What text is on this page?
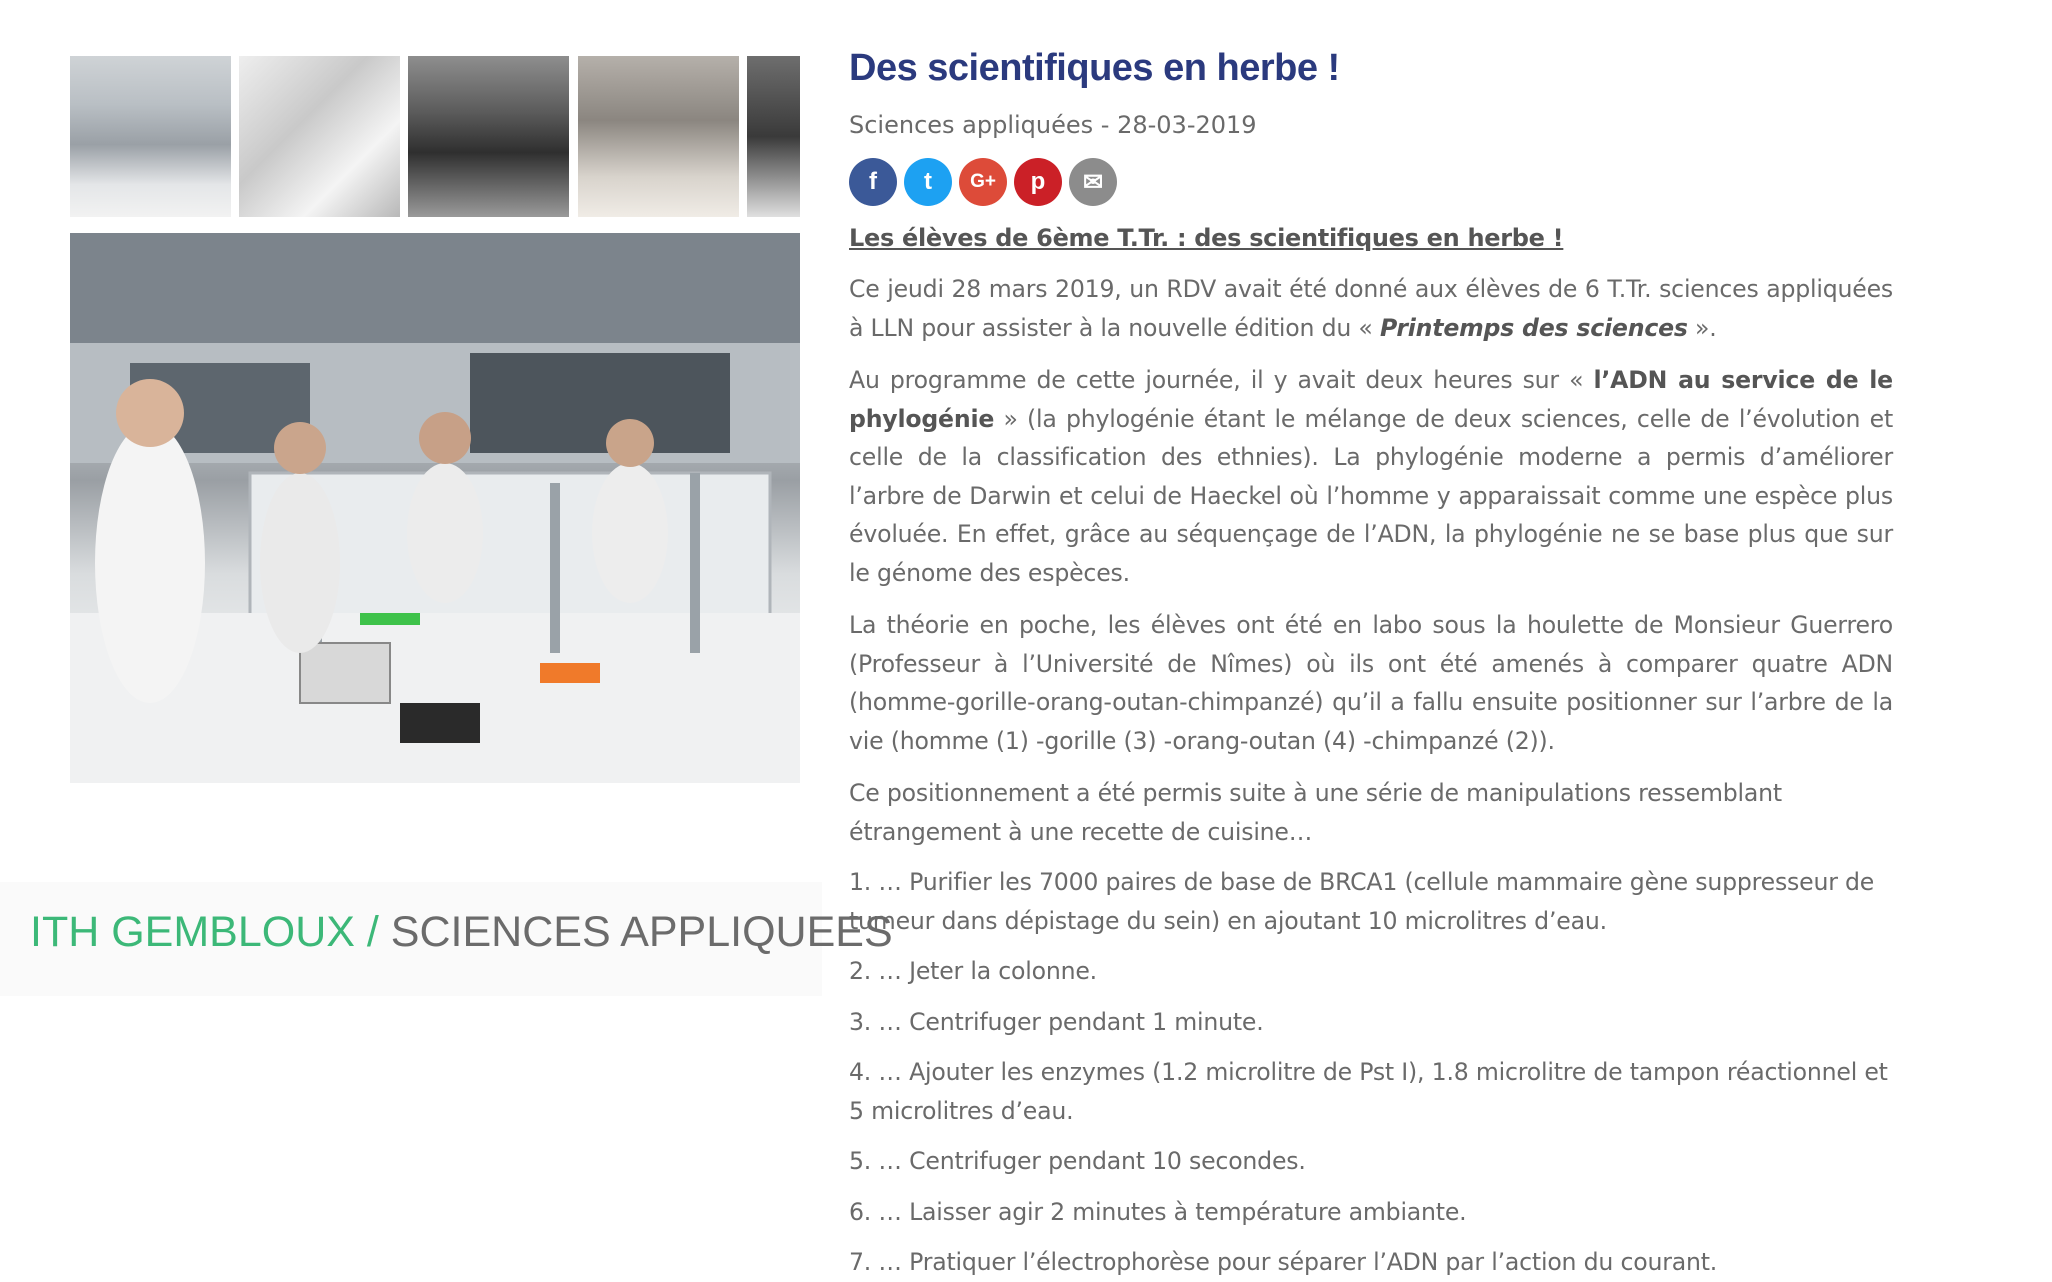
ITH GEMBLOUX / SCIENCES APPLIQUEES
Des scientifiques en herbe !
Sciences appliquées - 28-03-2019
f	t	G+	p	✉
Les élèves de 6ème T.Tr. : des scientifiques en herbe !

Ce jeudi 28 mars 2019, un RDV avait été donné aux élèves de 6 T.Tr. sciences appliquées à LLN pour assister à la nouvelle édition du « Printemps des sciences ».

Au programme de cette journée, il y avait deux heures sur « l’ADN au service de le phylogénie » (la phylogénie étant le mélange de deux sciences, celle de l’évolution et celle de la classification des ethnies). La phylogénie moderne a permis d’améliorer l’arbre de Darwin et celui de Haeckel où l’homme y apparaissait comme une espèce plus évoluée. En effet, grâce au séquençage de l’ADN, la phylogénie ne se base plus que sur le génome des espèces.

La théorie en poche, les élèves ont été en labo sous la houlette de Monsieur Guerrero (Professeur à l’Université de Nîmes) où ils ont été amenés à comparer quatre ADN (homme-gorille-orang-outan-chimpanzé) qu’il a fallu ensuite positionner sur l’arbre de la vie (homme (1) -gorille (3) -orang-outan (4) -chimpanzé (2)).

Ce positionnement a été permis suite à une série de manipulations ressemblant étrangement à une recette de cuisine…

1. … Purifier les 7000 paires de base de BRCA1 (cellule mammaire gène suppresseur de tumeur dans dépistage du sein) en ajoutant 10 microlitres d’eau.

2. … Jeter la colonne.

3. … Centrifuger pendant 1 minute.

4. … Ajouter les enzymes (1.2 microlitre de Pst I), 1.8 microlitre de tampon réactionnel et 5 microlitres d’eau.

5. … Centrifuger pendant 10 secondes.

6. … Laisser agir 2 minutes à température ambiante.

7. … Pratiquer l’électrophorèse pour séparer l’ADN par l’action du courant.
